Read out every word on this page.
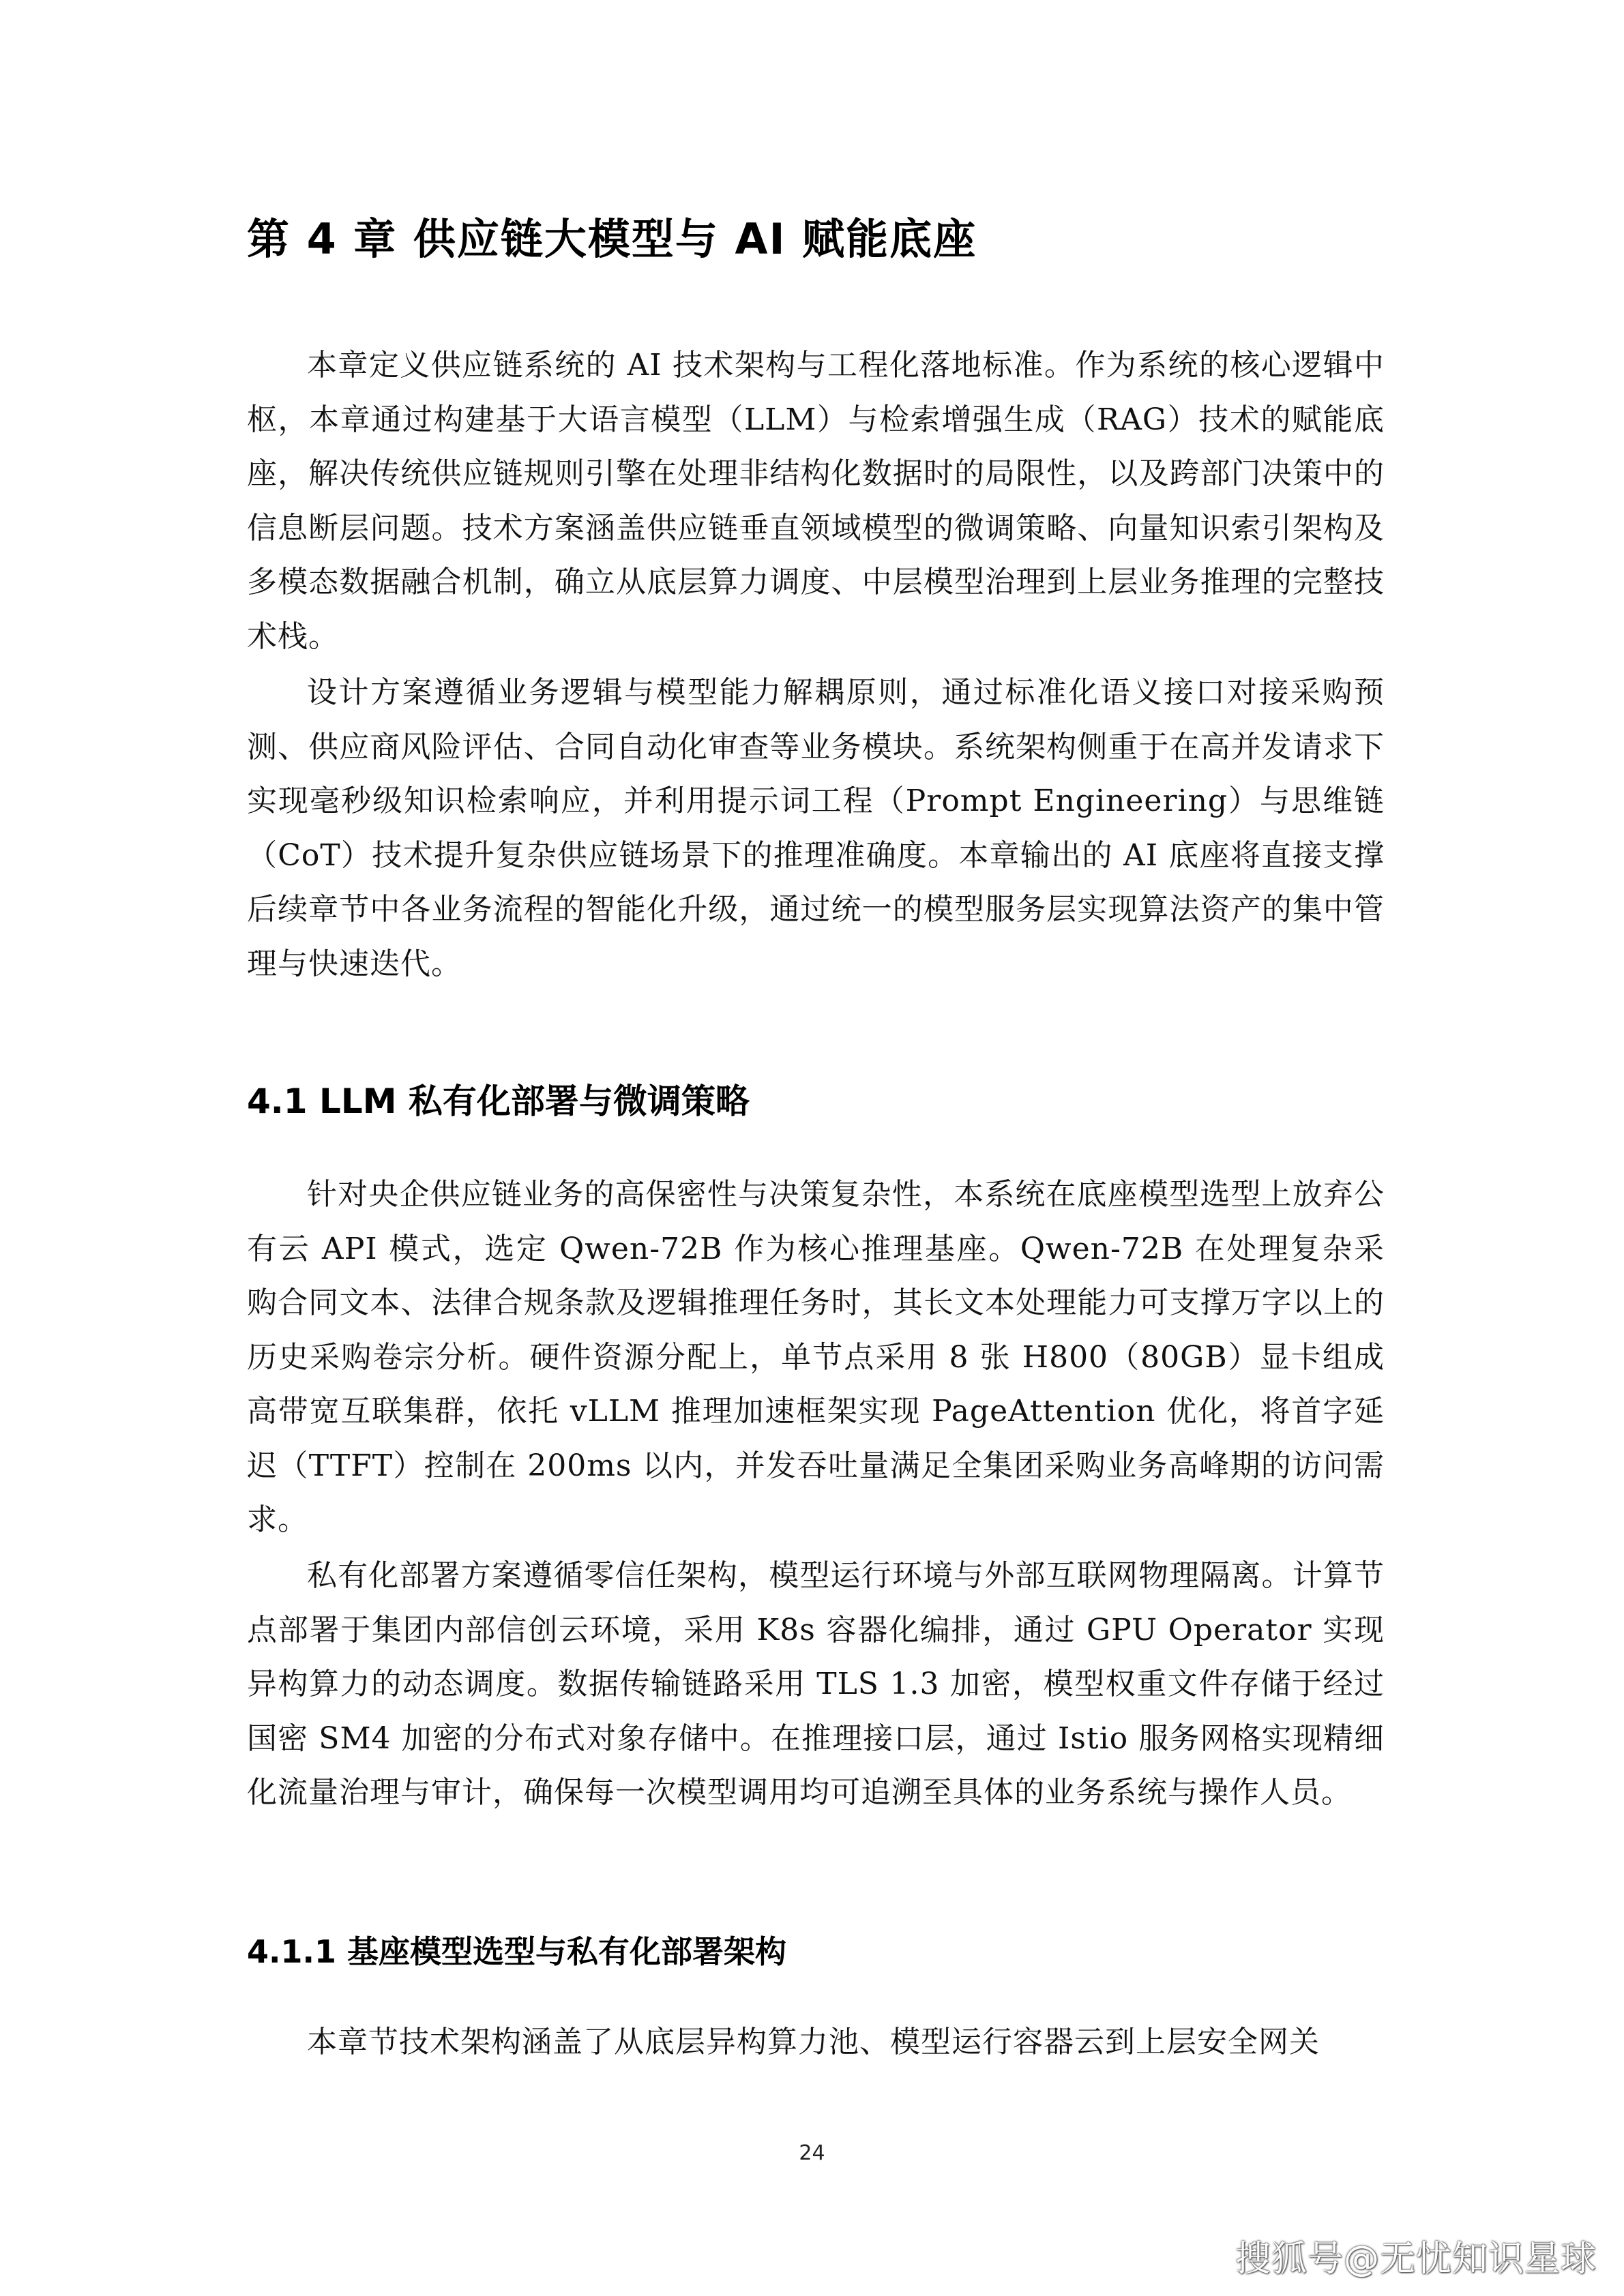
第 4 章 供应链大模型与 AI 赋能底座

本章定义供应链系统的 AI 技术架构与工程化落地标准。作为系统的核心逻辑中枢，本章通过构建基于大语言模型（LLM）与检索增强生成（RAG）技术的赋能底座，解决传统供应链规则引擎在处理非结构化数据时的局限性，以及跨部门决策中的信息断层问题。技术方案涵盖供应链垂直领域模型的微调策略、向量知识索引架构及多模态数据融合机制，确立从底层算力调度、中层模型治理到上层业务推理的完整技术栈。

设计方案遵循业务逻辑与模型能力解耦原则，通过标准化语义接口对接采购预测、供应商风险评估、合同自动化审查等业务模块。系统架构侧重于在高并发请求下实现毫秒级知识检索响应，并利用提示词工程（Prompt Engineering）与思维链（CoT）技术提升复杂供应链场景下的推理准确度。本章输出的 AI 底座将直接支撑后续章节中各业务流程的智能化升级，通过统一的模型服务层实现算法资产的集中管理与快速迭代。

4.1 LLM 私有化部署与微调策略

针对央企供应链业务的高保密性与决策复杂性，本系统在底座模型选型上放弃公有云 API 模式，选定 Qwen-72B 作为核心推理基座。Qwen-72B 在处理复杂采购合同文本、法律合规条款及逻辑推理任务时，其长文本处理能力可支撑万字以上的历史采购卷宗分析。硬件资源分配上，单节点采用 8 张 H800（80GB）显卡组成高带宽互联集群，依托 vLLM 推理加速框架实现 PageAttention 优化，将首字延迟（TTFT）控制在 200ms 以内，并发吞吐量满足全集团采购业务高峰期的访问需求。

私有化部署方案遵循零信任架构，模型运行环境与外部互联网物理隔离。计算节点部署于集团内部信创云环境，采用 K8s 容器化编排，通过 GPU Operator 实现异构算力的动态调度。数据传输链路采用 TLS 1.3 加密，模型权重文件存储于经过国密 SM4 加密的分布式对象存储中。在推理接口层，通过 Istio 服务网格实现精细化流量治理与审计，确保每一次模型调用均可追溯至具体的业务系统与操作人员。

4.1.1 基座模型选型与私有化部署架构

本章节技术架构涵盖了从底层异构算力池、模型运行容器云到上层安全网关

24
搜狐号@无忧知识星球
